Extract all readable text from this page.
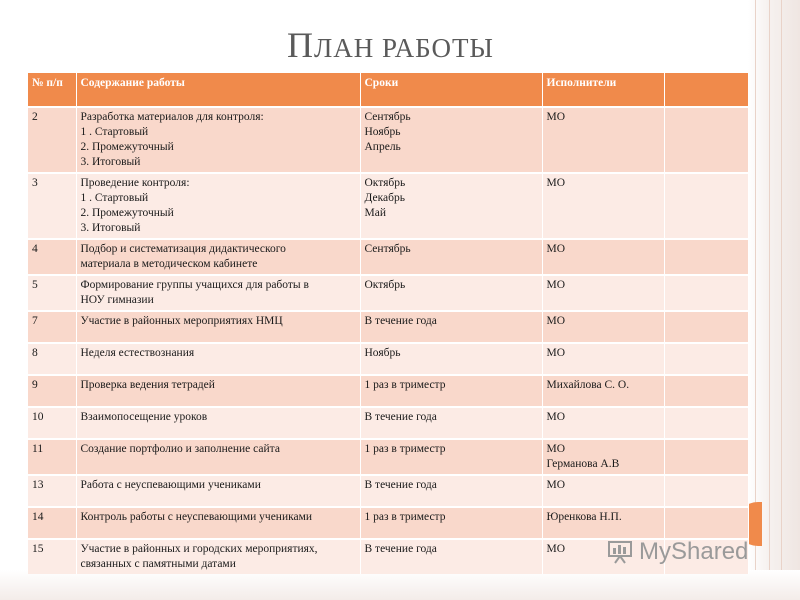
ПЛАН РАБОТЫ
№ п/п	Содержание работы	Сроки	Исполнители	
2	Разработка материалов для контроля:
1 . Стартовый
2. Промежуточный
3. Итоговый	Сентябрь
Ноябрь
Апрель	МО	

3	Проведение контроля:
1 . Стартовый
2. Промежуточный
3. Итоговый	Октябрь
Декабрь
Май	МО	

4	Подбор и систематизация дидактического
материала в методическом кабинете	Сентябрь	МО	

5	Формирование группы учащихся для работы в
НОУ гимназии	Октябрь	МО	

7	Участие в районных мероприятиях НМЦ	В течение года	МО	

8	Неделя естествознания	Ноябрь	МО	

9	Проверка ведения тетрадей	1 раз в триместр	Михайлова С. О.	

10	Взаимопосещение уроков	В течение года	МО	

11	Создание портфолио и заполнение сайта	1 раз в триместр	МО
Германова А.В	

13	Работа с неуспевающими учениками	В течение года	МО	

14	Контроль работы с неуспевающими учениками	1 раз в триместр	Юренкова Н.П.	

15	Участие в районных и городских мероприятиях,
связанных с памятными датами	В течение года	МО	
		MyShared
